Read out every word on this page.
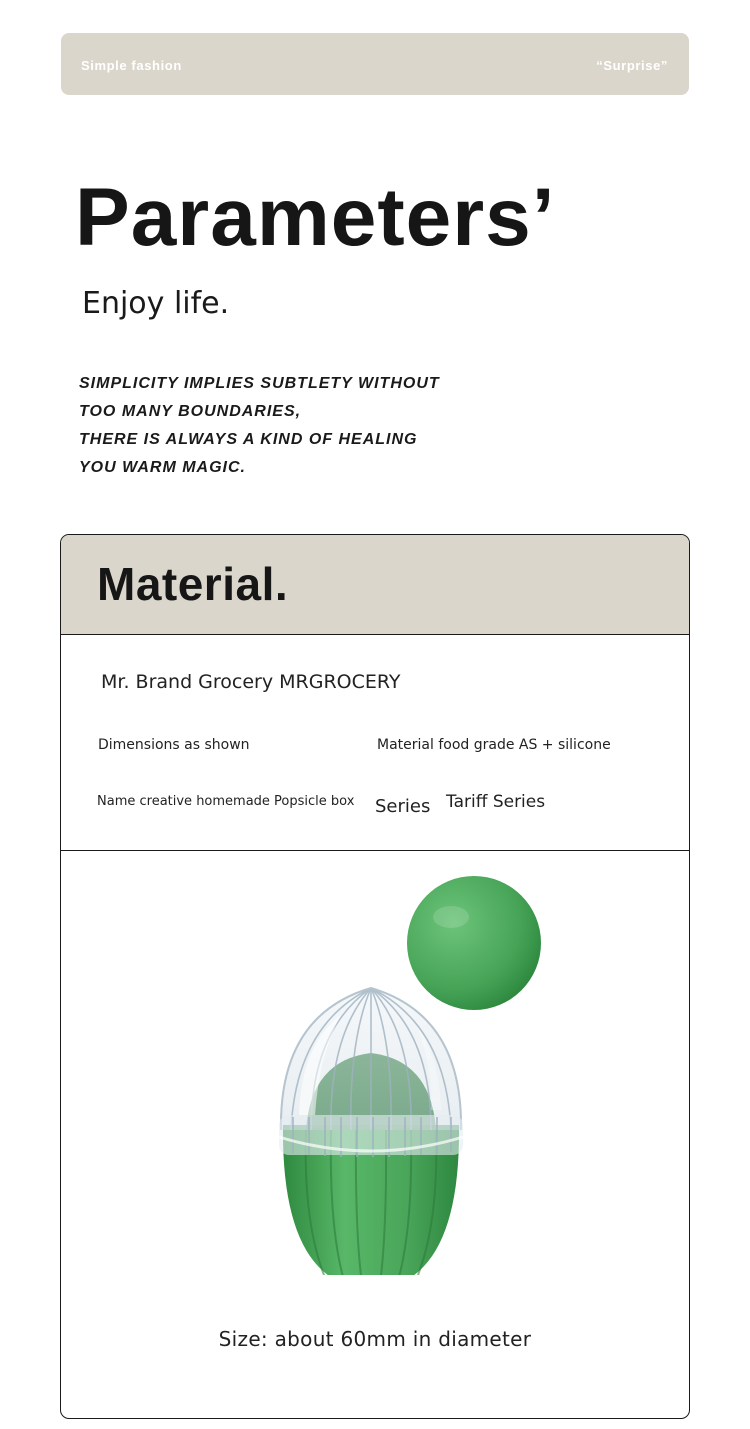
Simple fashion	“Surprise”
Parameters’
Enjoy life.
SIMPLICITY IMPLIES SUBTLETY WITHOUT
TOO MANY BOUNDARIES,
THERE IS ALWAYS A KIND OF HEALING
YOU WARM MAGIC.
Material.
Mr. Brand Grocery MRGROCERY
Dimensions as shown	Material food grade AS + silicone
Name creative homemade Popsicle box Series Tariff Series
Size: about 60mm in diameter
